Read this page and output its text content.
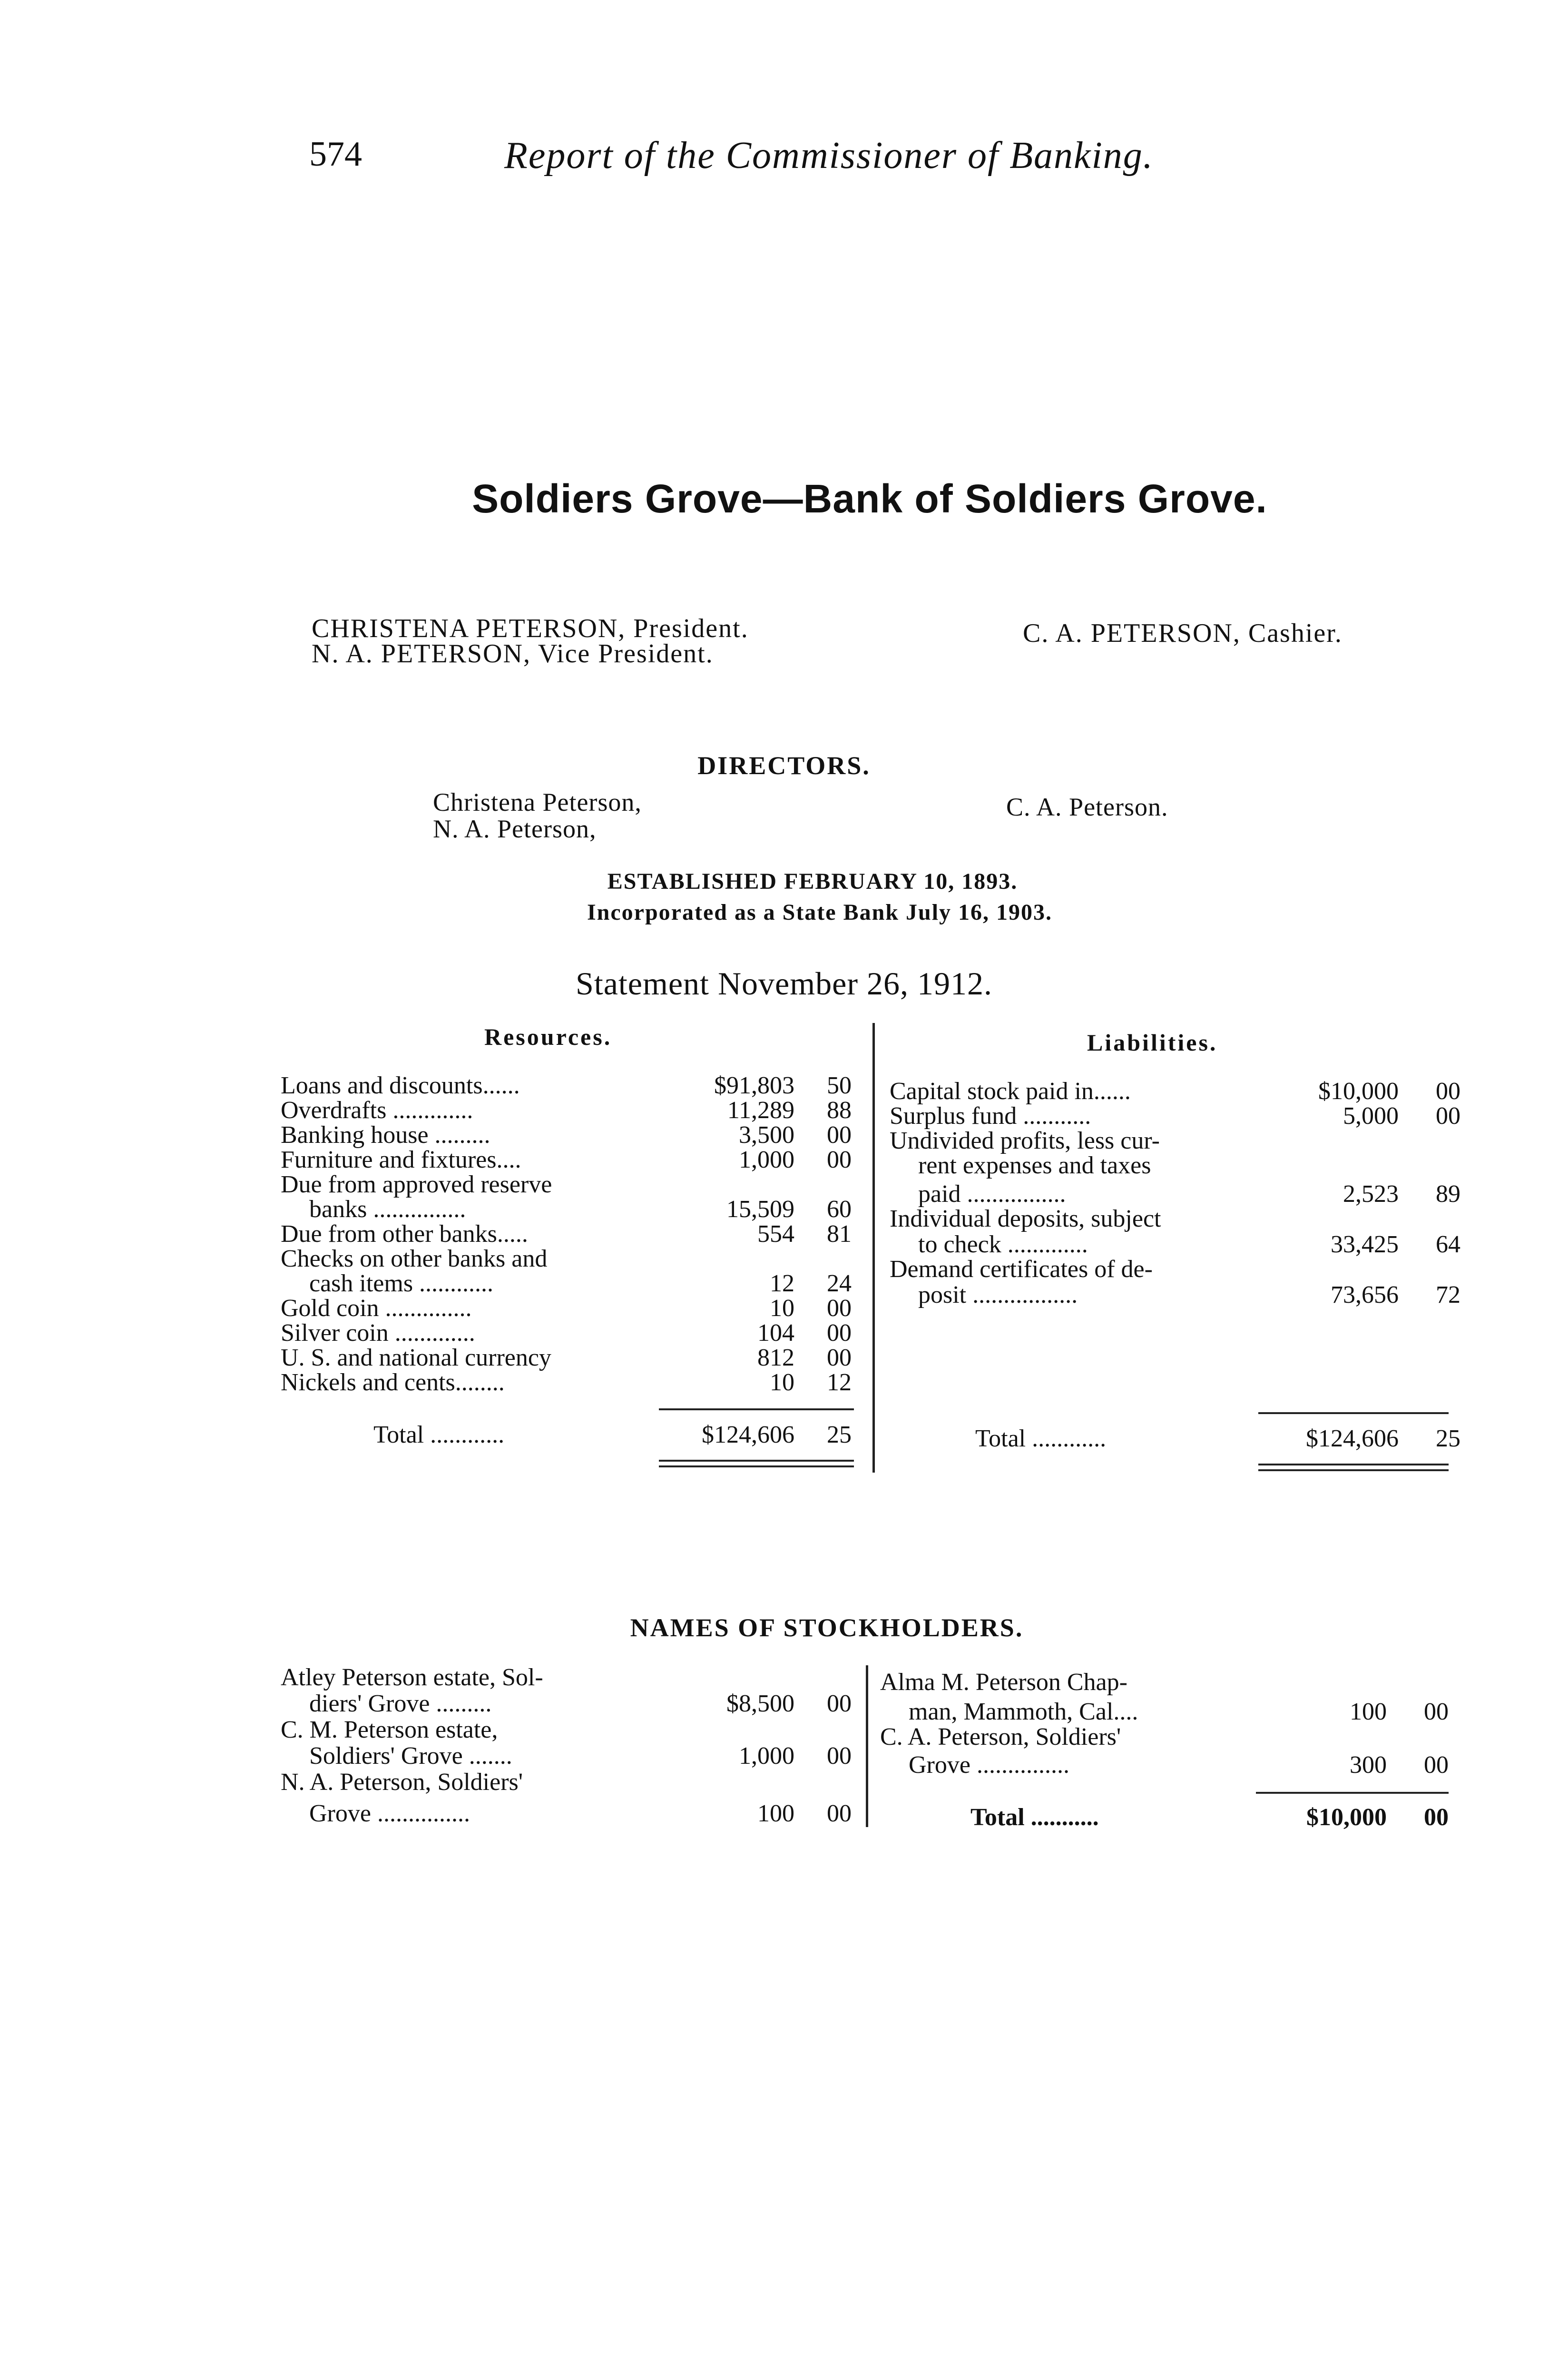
574	Report of the Commissioner of Banking.
Soldiers Grove—Bank of Soldiers Grove.
CHRISTENA PETERSON, President.
N. A. PETERSON, Vice President.
C. A. PETERSON, Cashier.
DIRECTORS.
Christena Peterson,
N. A. Peterson,
C. A. Peterson.
ESTABLISHED FEBRUARY 10, 1893.
Incorporated as a State Bank July 16, 1903.
Statement November 26, 1912.
Resources.	Liabilities.
Loans and discounts......	$91,803 50
Overdrafts .............	11,289 88
Banking house .........	3,500 00
Furniture and fixtures....	1,000 00
Due from approved reserve
banks ...............	15,509 60
Due from other banks.....	554 81
Checks on other banks and
cash items ............	12 24
Gold coin ..............	10 00
Silver coin .............	104 00
U. S. and national currency	812 00
Nickels and cents........	10 12
Total ............	$124,606 25
Capital stock paid in......	$10,000 00
Surplus fund ...........	5,000 00
Undivided profits, less cur-
rent expenses and taxes
paid ................	2,523 89
Individual deposits, subject
to check .............	33,425 64
Demand certificates of de-
posit .................	73,656 72
Total ............	$124,606 25
NAMES OF STOCKHOLDERS.
Atley Peterson estate, Sol-
diers' Grove .........	$8,500 00
C. M. Peterson estate,
Soldiers' Grove .......	1,000 00
N. A. Peterson, Soldiers'
Grove ...............	100 00
Alma M. Peterson Chap-
man, Mammoth, Cal....	100 00
C. A. Peterson, Soldiers'
Grove ...............	300 00
Total ...........	$10,000 00
